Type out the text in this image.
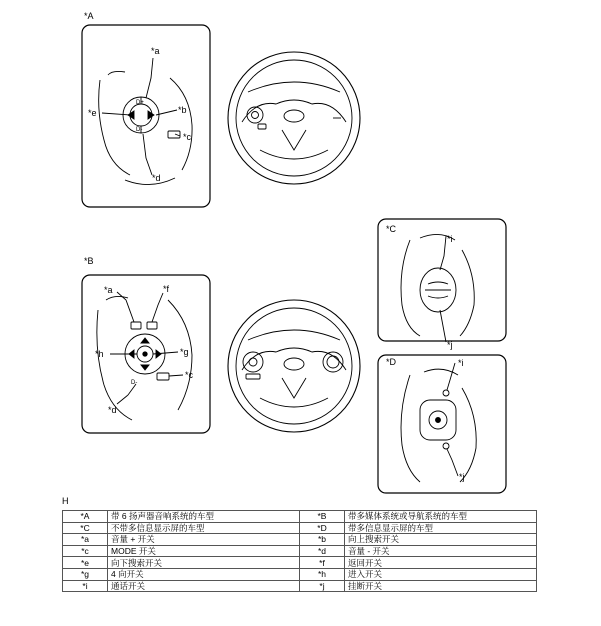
D+
D-
D-
*A
*a
*e	*b
*c
*d
*B
*a	*f
*h	*g
*c
*d
*C
*i
*j
*D	*i
*j
H
*A	带 6 扬声器音响系统的车型	*B	带多媒体系统或导航系统的车型
*C	不带多信息显示屏的车型	*D	带多信息显示屏的车型
*a	音量 + 开关	*b	向上搜索开关
*c	MODE 开关	*d	音量 - 开关
*e	向下搜索开关	*f	返回开关
*g	4 向开关	*h	进入开关
*i	通话开关	*j	挂断开关
